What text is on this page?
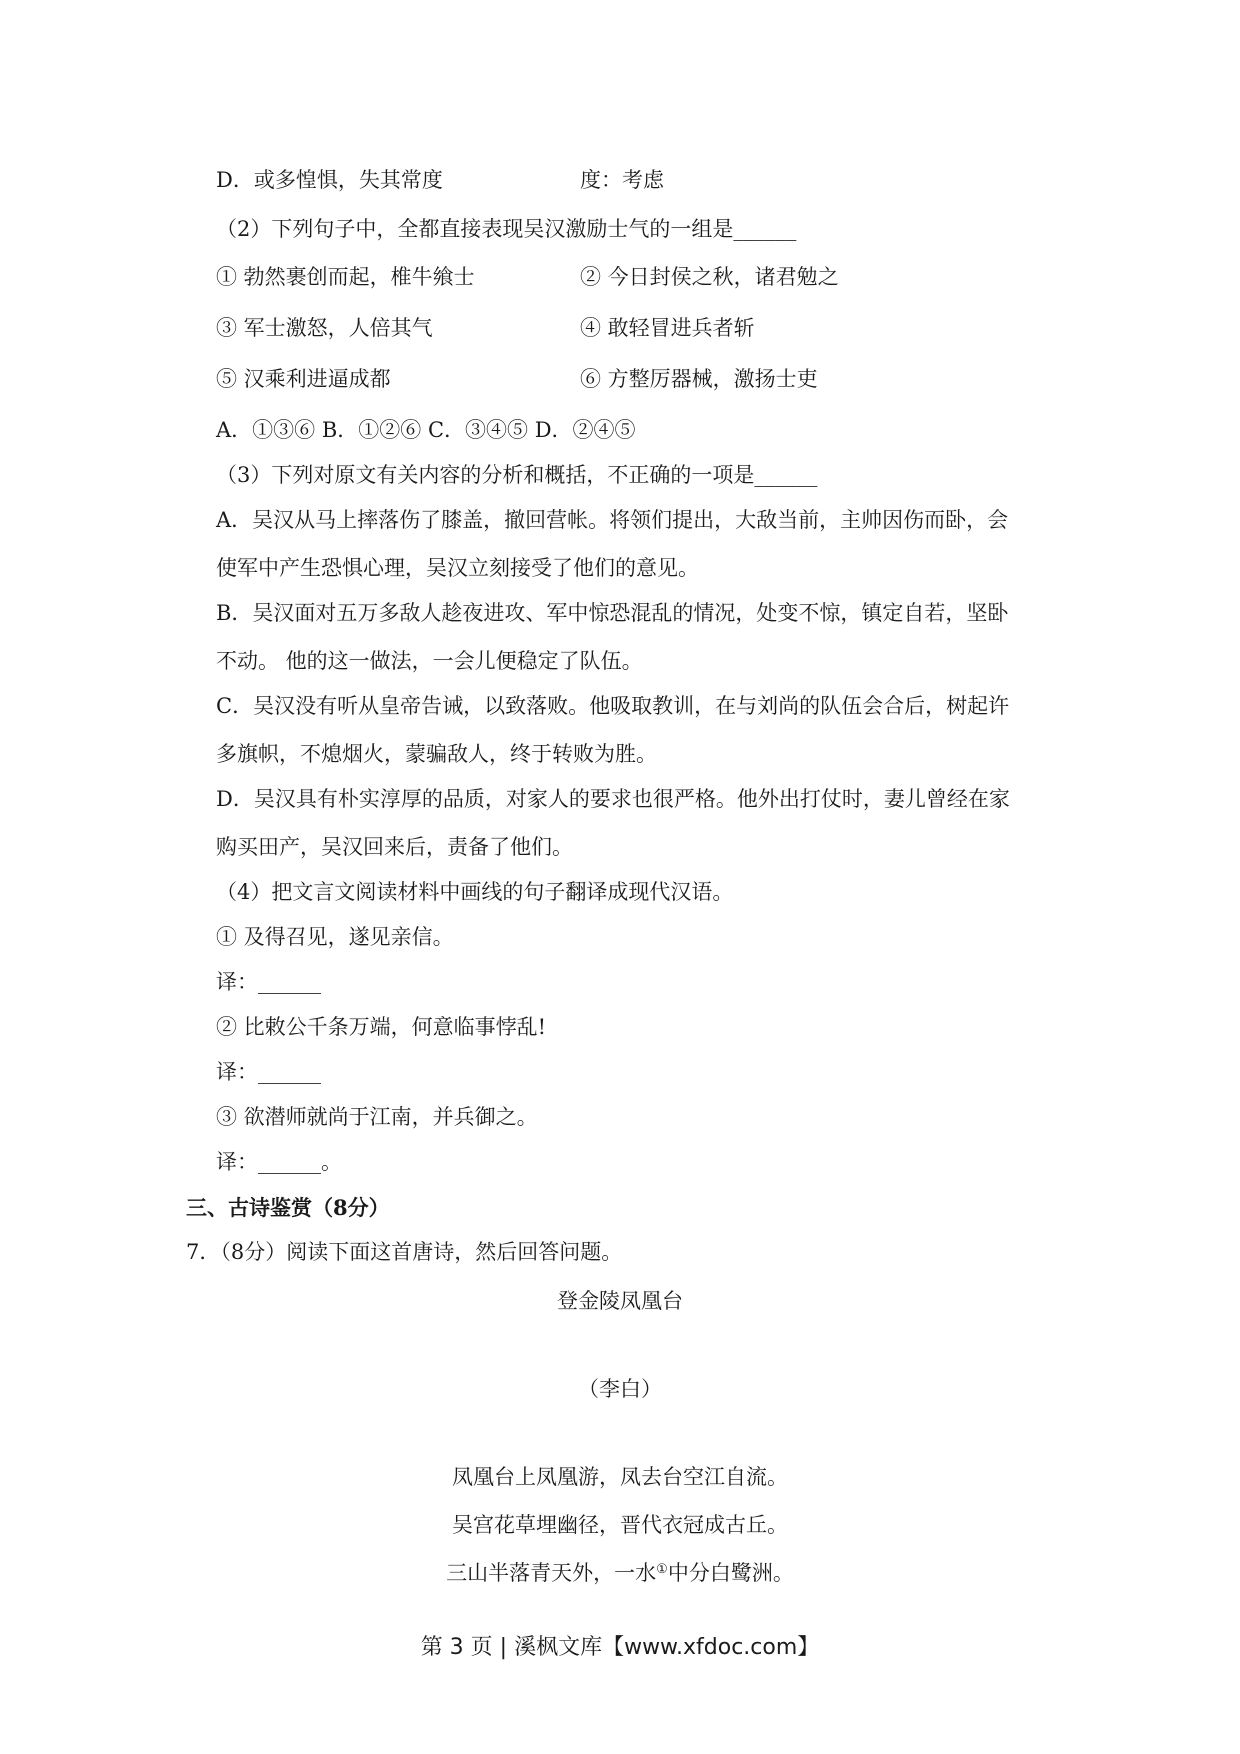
D．或多惶惧，失其常度	度：考虑
（2）下列句子中，全都直接表现吴汉激励士气的一组是______
① 勃然裹创而起，椎牛飨士	② 今日封侯之秋，诸君勉之
③ 军士激怒，人倍其气	④ 敢轻冒进兵者斩
⑤ 汉乘利进逼成都	⑥ 方整厉器械，激扬士吏
A．①③⑥ B．①②⑥ C．③④⑤ D．②④⑤
（3）下列对原文有关内容的分析和概括，不正确的一项是______
A．吴汉从马上摔落伤了膝盖，撤回营帐。将领们提出，大敌当前，主帅因伤而卧，会
使军中产生恐惧心理，吴汉立刻接受了他们的意见。
B．吴汉面对五万多敌人趁夜进攻、军中惊恐混乱的情况，处变不惊，镇定自若，坚卧
不动。 他的这一做法，一会儿便稳定了队伍。
C．吴汉没有听从皇帝告诫，以致落败。他吸取教训，在与刘尚的队伍会合后，树起许
多旗帜，不熄烟火，蒙骗敌人，终于转败为胜。
D．吴汉具有朴实淳厚的品质，对家人的要求也很严格。他外出打仗时，妻儿曾经在家
购买田产，吴汉回来后，责备了他们。
（4）把文言文阅读材料中画线的句子翻译成现代汉语。
① 及得召见，遂见亲信。
译：______
② 比敕公千条万端，何意临事悖乱!
译：______
③ 欲潜师就尚于江南，并兵御之。
译：______。
三、古诗鉴赏（8分）
7．（8分）阅读下面这首唐诗，然后回答问题。
登金陵凤凰台
（李白）
凤凰台上凤凰游，凤去台空江自流。
吴宫花草埋幽径，晋代衣冠成古丘。
三山半落青天外，一水①中分白鹭洲。
第 3 页 | 溪枫文库【www.xfdoc.com】
